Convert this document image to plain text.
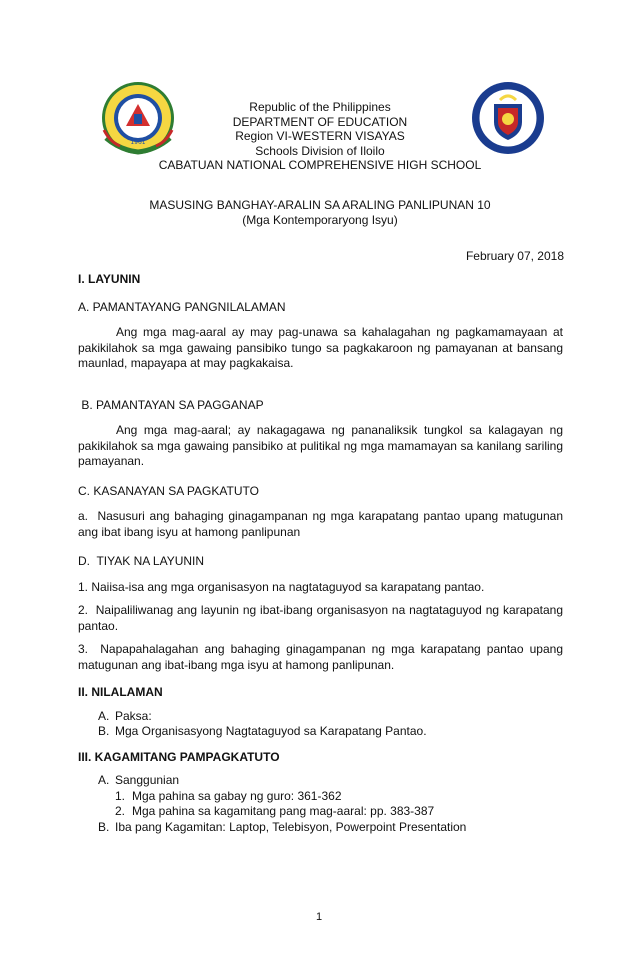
1961
Republic of the Philippines
DEPARTMENT OF EDUCATION
Region VI-WESTERN VISAYAS
Schools Division of Iloilo
CABATUAN NATIONAL COMPREHENSIVE HIGH SCHOOL
MASUSING BANGHAY-ARALIN SA ARALING PANLIPUNAN 10
(Mga Kontemporaryong Isyu)
February 07, 2018

I. LAYUNIN

A. PAMANTAYANG PANGNILALAMAN

Ang mga mag-aaral ay may pag-unawa sa kahalagahan ng pagkamamayaan at pakikilahok sa mga gawaing pansibiko tungo sa pagkakaroon ng pamayanan at bansang maunlad, mapayapa at may pagkakaisa.

B. PAMANTAYAN SA PAGGANAP

Ang mga mag-aaral; ay nakagagawa ng pananaliksik tungkol sa kalagayan ng pakikilahok sa mga gawaing pansibiko at pulitikal ng mga mamamayan sa kanilang sariling pamayanan.

C. KASANAYAN SA PAGKATUTO

a.  Nasusuri ang bahaging ginagampanan ng mga karapatang pantao upang matugunan ang ibat ibang isyu at hamong panlipunan

D.  TIYAK NA LAYUNIN

1. Naiisa-isa ang mga organisasyon na nagtataguyod sa karapatang pantao.

2.  Naipaliliwanag ang layunin ng ibat-ibang organisasyon na nagtataguyod ng karapatang pantao.

3.  Napapahalagahan ang bahaging ginagampanan ng mga karapatang pantao upang matugunan ang ibat-ibang mga isyu at hamong panlipunan.

II. NILALAMAN

A. Paksa:
B. Mga Organisasyong Nagtataguyod sa Karapatang Pantao.

III. KAGAMITANG PAMPAGKATUTO

A. Sanggunian
1. Mga pahina sa gabay ng guro: 361-362
2. Mga pahina sa kagamitang pang mag-aaral: pp. 383-387
B. Iba pang Kagamitan: Laptop, Telebisyon, Powerpoint Presentation
1
